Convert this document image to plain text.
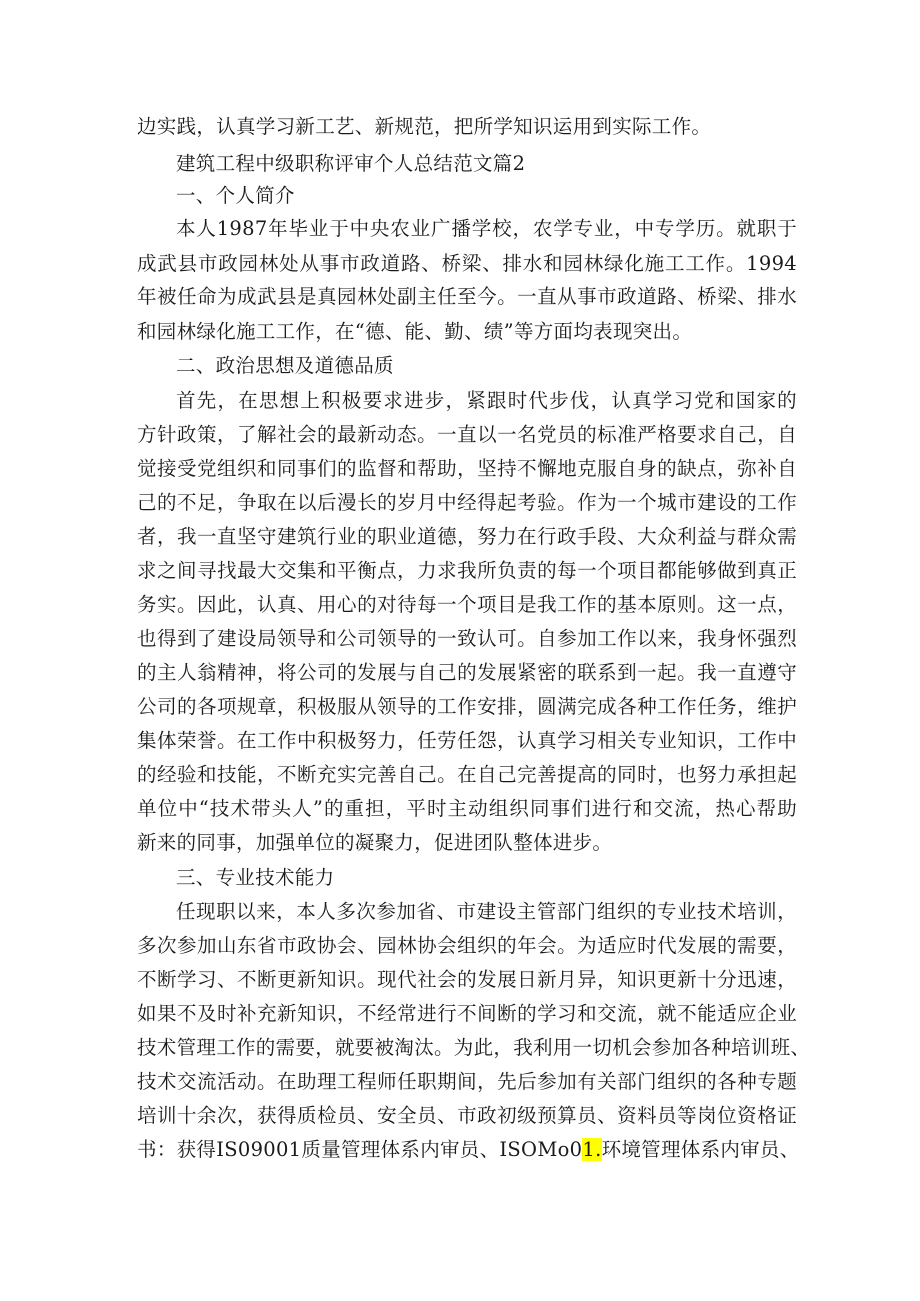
边实践，认真学习新工艺、新规范，把所学知识运用到实际工作。
建筑工程中级职称评审个人总结范文篇2
一、个人简介
本人1987年毕业于中央农业广播学校，农学专业，中专学历。就职于
成武县市政园林处从事市政道路、桥梁、排水和园林绿化施工工作。1994
年被任命为成武县是真园林处副主任至今。一直从事市政道路、桥梁、排水
和园林绿化施工工作，在“德、能、勤、绩”等方面均表现突出。
二、政治思想及道德品质
首先，在思想上积极要求进步，紧跟时代步伐，认真学习党和国家的
方针政策，了解社会的最新动态。一直以一名党员的标准严格要求自己，自
觉接受党组织和同事们的监督和帮助，坚持不懈地克服自身的缺点，弥补自
己的不足，争取在以后漫长的岁月中经得起考验。作为一个城市建设的工作
者，我一直坚守建筑行业的职业道德，努力在行政手段、大众利益与群众需
求之间寻找最大交集和平衡点，力求我所负责的每一个项目都能够做到真正
务实。因此，认真、用心的对待每一个项目是我工作的基本原则。这一点，
也得到了建设局领导和公司领导的一致认可。自参加工作以来，我身怀强烈
的主人翁精神，将公司的发展与自己的发展紧密的联系到一起。我一直遵守
公司的各项规章，积极服从领导的工作安排，圆满完成各种工作任务，维护
集体荣誉。在工作中积极努力，任劳任怨，认真学习相关专业知识，工作中
的经验和技能，不断充实完善自己。在自己完善提高的同时，也努力承担起
单位中“技术带头人”的重担，平时主动组织同事们进行和交流，热心帮助
新来的同事，加强单位的凝聚力，促进团队整体进步。
三、专业技术能力
任现职以来，本人多次参加省、市建设主管部门组织的专业技术培训，
多次参加山东省市政协会、园林协会组织的年会。为适应时代发展的需要，
不断学习、不断更新知识。现代社会的发展日新月异，知识更新十分迅速，
如果不及时补充新知识，不经常进行不间断的学习和交流，就不能适应企业
技术管理工作的需要，就要被淘汰。为此，我利用一切机会参加各种培训班、
技术交流活动。在助理工程师任职期间，先后参加有关部门组织的各种专题
培训十余次，获得质检员、安全员、市政初级预算员、资料员等岗位资格证
书：获得IS09001质量管理体系内审员、ISOMo01.环境管理体系内审员、
